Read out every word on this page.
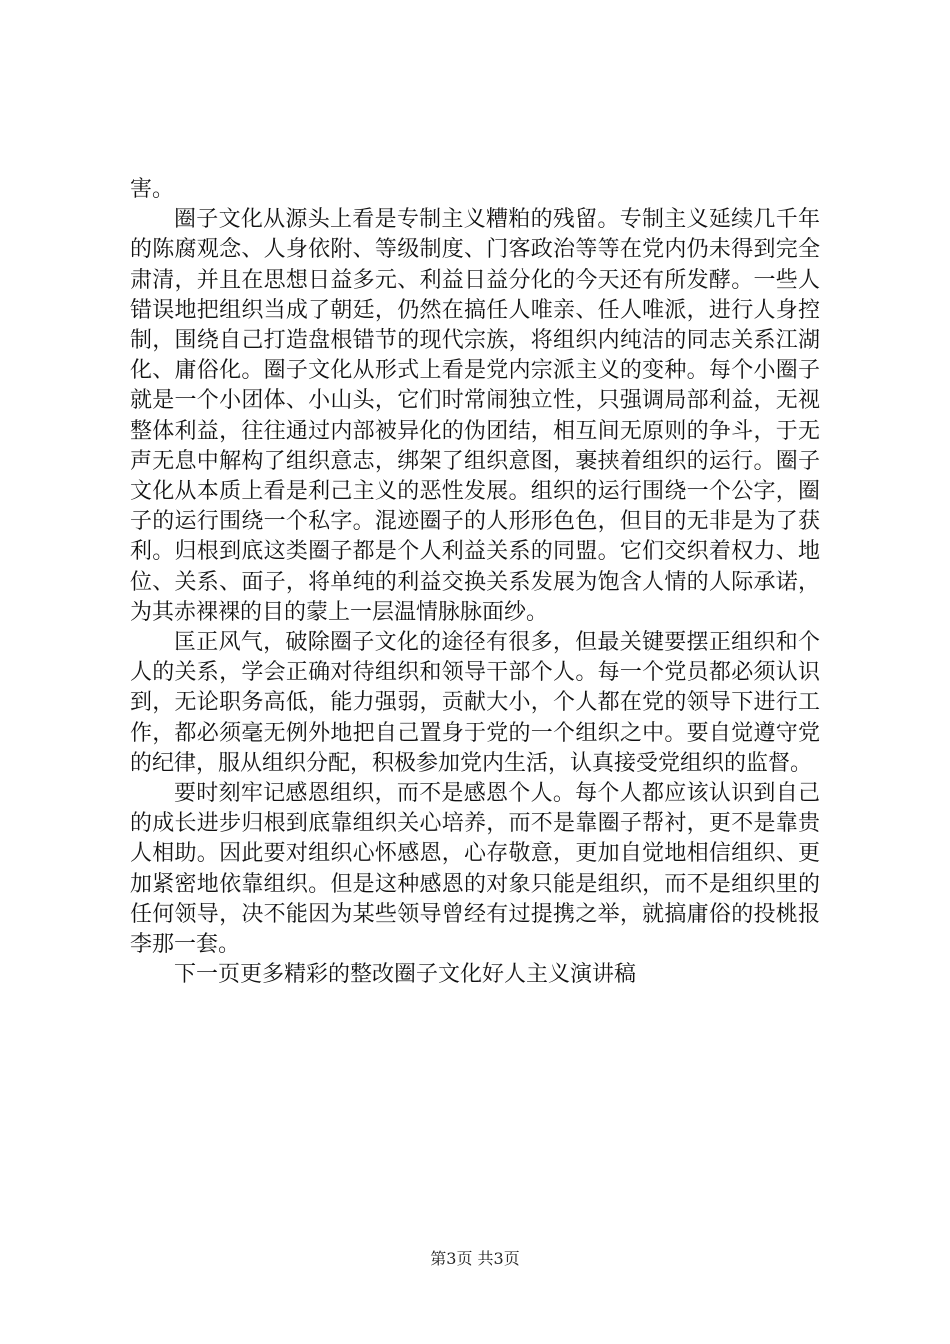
害。

圈子文化从源头上看是专制主义糟粕的残留。专制主义延续几千年的陈腐观念、人身依附、等级制度、门客政治等等在党内仍未得到完全肃清，并且在思想日益多元、利益日益分化的今天还有所发酵。一些人错误地把组织当成了朝廷，仍然在搞任人唯亲、任人唯派，进行人身控制，围绕自己打造盘根错节的现代宗族，将组织内纯洁的同志关系江湖化、庸俗化。圈子文化从形式上看是党内宗派主义的变种。每个小圈子就是一个小团体、小山头，它们时常闹独立性，只强调局部利益，无视整体利益，往往通过内部被异化的伪团结，相互间无原则的争斗，于无声无息中解构了组织意志，绑架了组织意图，裹挟着组织的运行。圈子文化从本质上看是利己主义的恶性发展。组织的运行围绕一个公字，圈子的运行围绕一个私字。混迹圈子的人形形色色，但目的无非是为了获利。归根到底这类圈子都是个人利益关系的同盟。它们交织着权力、地位、关系、面子，将单纯的利益交换关系发展为饱含人情的人际承诺，为其赤裸裸的目的蒙上一层温情脉脉面纱。

匡正风气，破除圈子文化的途径有很多，但最关键要摆正组织和个人的关系，学会正确对待组织和领导干部个人。每一个党员都必须认识到，无论职务高低，能力强弱，贡献大小，个人都在党的领导下进行工作，都必须毫无例外地把自己置身于党的一个组织之中。要自觉遵守党的纪律，服从组织分配，积极参加党内生活，认真接受党组织的监督。

要时刻牢记感恩组织，而不是感恩个人。每个人都应该认识到自己的成长进步归根到底靠组织关心培养，而不是靠圈子帮衬，更不是靠贵人相助。因此要对组织心怀感恩，心存敬意，更加自觉地相信组织、更加紧密地依靠组织。但是这种感恩的对象只能是组织，而不是组织里的任何领导，决不能因为某些领导曾经有过提携之举，就搞庸俗的投桃报李那一套。

下一页更多精彩的整改圈子文化好人主义演讲稿

第3页 共3页
